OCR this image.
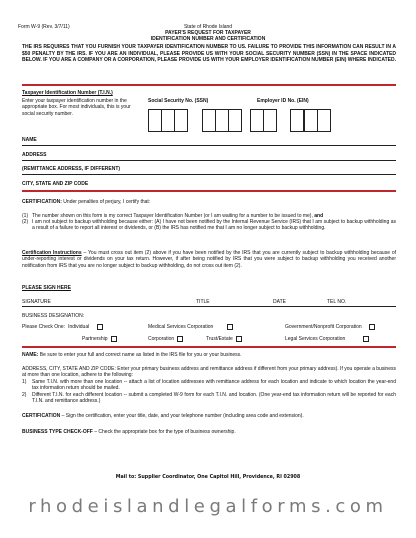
Form W-9 (Rev. 3/7/11)	State of Rhode Island
PAYER'S REQUEST FOR TAXPAYER
IDENTIFICATION NUMBER AND CERTIFICATION
THE IRS REQUIRES THAT YOU FURNISH YOUR TAXPAYER IDENTIFICATION NUMBER TO US. FAILURE TO PROVIDE THIS INFORMATION CAN RESULT IN A $50 PENALTY BY THE IRS. IF YOU ARE AN INDIVIDUAL, PLEASE PROVIDE US WITH YOUR SOCIAL SECURITY NUMBER (SSN) IN THE SPACE INDICATED BELOW. IF YOU ARE A COMPANY OR A CORPORATION, PLEASE PROVIDE US WITH YOUR EMPLOYER IDENTIFICATION NUMBER (EIN) WHERE INDICATED.
Taxpayer Identification Number (T.I.N.)
Enter your taxpayer identification number in the appropriate box. For most individuals, this is your social security number.
Social Security No. (SSN)	Employer ID No. (EIN)
NAME
ADDRESS
(REMITTANCE ADDRESS, IF DIFFERENT)
CITY, STATE AND ZIP CODE
CERTIFICATION: Under penalties of perjury, I certify that:
(1) The number shown on this form is my correct Taxpayer Identification Number (or I am waiting for a number to be issued to me), and
(2) I am not subject to backup withholding because either: (A) I have not been notified by the Internal Revenue Service (IRS) that I am subject to backup withholding as a result of a failure to report all interest or dividends, or (B) the IRS has notified me that I am no longer subject to backup withholding.
Certification Instructions – You must cross out item (2) above if you have been notified by the IRS that you are currently subject to backup withholding because of under-reporting interest or dividends on your tax return. However, if after being notified by IRS that you were subject to backup withholding you received another notification from IRS that you are no longer subject to backup withholding, do not cross out item (2).
PLEASE SIGN HERE
SIGNATURE	TITLE	DATE	TEL NO.
BUSINESS DESIGNATION:
Please Check One: Individual	Medical Services Corporation	Government/Nonprofit Corporation
Partnership	Corporation	Trust/Estate	Legal Services Corporation
NAME: Be sure to enter your full and correct name as listed in the IRS file for you or your business.
ADDRESS, CITY, STATE AND ZIP CODE: Enter your primary business address and remittance address if different from your primary address). If you operate a business at more than one location, adhere to the following:
1)	Same T.I.N. with more than one location -- attach a list of location addresses with remittance address for each location and indicate to which location the year-end tax information return should be mailed.
2)	Different T.I.N. for each different location -- submit a completed W-9 form for each T.I.N. and location. (One year-end tax information return will be reported for each T.I.N. and remittance address.)
CERTIFICATION – Sign the certification, enter your title, date, and your telephone number (including area code and extension).
BUSINESS TYPE CHECK-OFF – Check the appropriate box for the type of business ownership.
Mail to: Supplier Coordinator, One Capitol Hill, Providence, RI 02908
rhodeislandlegalforms.com
